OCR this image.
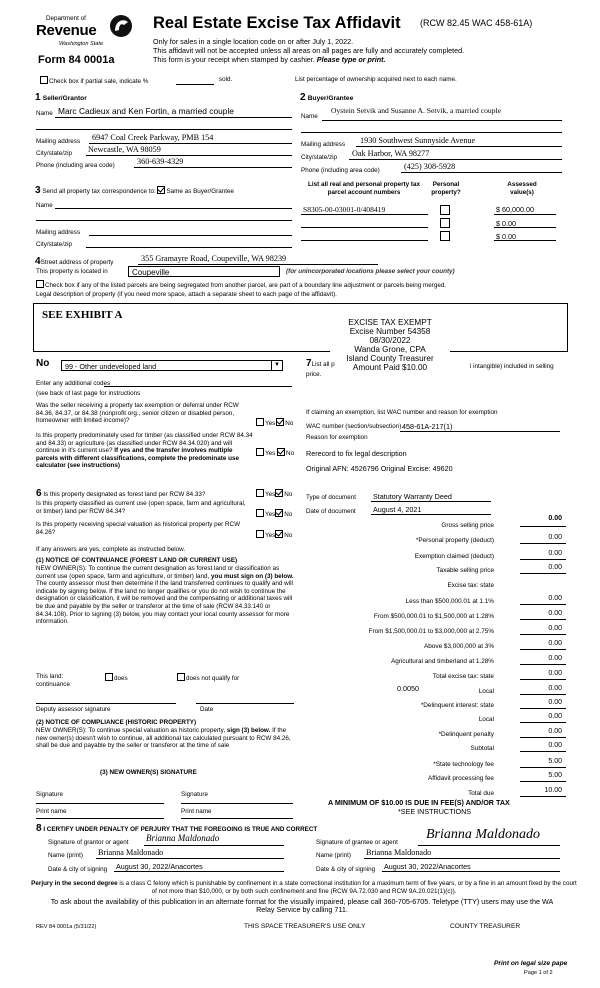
Department of
Revenue
Washington State
Form 84 0001a
Real Estate Excise Tax Affidavit (RCW 82.45 WAC 458-61A)
Only for sales in a single location code on or after July 1, 2022.
This affidavit will not be accepted unless all areas on all pages are fully and accurately completed.
This form is your receipt when stamped by cashier. Please type or print.
Check box if partial sale, indicate %	sold.	List percentage of ownership acquired next to each name.
1 Seller/Grantor
Name Marc Cadieux and Ken Fortin, a married couple
Mailing address 6947 Coal Creek Parkway, PMB 154
City/state/zip Newcastle, WA 98059
Phone (including area code)	360-639-4329
2 Buyer/Grantee
Name
Oystein Setvik and Susanne A. Setvik, a married couple
Mailing address 1930 Southwest Sunnyside Avenue
City/state/zip Oak Harbor, WA 98277
Phone (including area code)	(425) 308-5928
3 Send all property tax correspondence to: Same as Buyer/Grantee
Name
Mailing address
City/state/zip
List all real and personal property tax parcel account numbers
Personal property?
Assessed value(s)
S8305-00-03001-0/408419	$ 60,000.00
$ 0.00
$ 0.00
4Street address of property	355 Gramayre Road, Coupeville, WA 98239
This property is located in	Coupeville	(for unincorporated locations please select your county)
Check box if any of the listed parcels are being segregated from another parcel, are part of a boundary line adjustment or parcels being merged.
Legal description of property (if you need more space, attach a separate sheet to each page of the affidavit).
SEE EXHIBIT A
EXCISE TAX EXEMPT
Excise Number 54358
08/30/2022
Wanda Grone, CPA
Island County Treasurer
Amount Paid $10.00
No	99 - Other undeveloped land	▼
Enter any additional codes
(see back of last page for instructions
Was the seller receiving a property tax exemption or deferral under RCW 84.36, 84.37, or 84.38 (nonprofit org., senior citizen or disabled person, homeowner with limited income)?	Yes No
Is this property predominately used for timber (as classified under RCW 84.34 and 84.33) or agriculture (as classified under RCW 84.34.020) and will continue in it's current use? If yes and the transfer involves multiple parcels with different classifications, complete the predominate use calculator (see instructions)
Yes No
7List all p	l intangible) included in selling
price.
If claiming an exemption, list WAC number and reason for exemption
WAC number (section/subsection) 458-61A-217(1)
Reason for exemption
Rerecord to fix legal description
Original AFN: 4526796 Original Excise: 49620
6 Is this property designated as forest land per RCW 84.33?	Yes No
Is this property classified as current use (open space, farm and agricultural, or timber) land per RCW 84.34?	Yes No
Is this property receiving special valuation as historical property per RCW 84.26?	Yes No
If any answers are yes, complete as instructed below.
(1) NOTICE OF CONTINUANCE (FOREST LAND OR CURRENT USE)
NEW OWNER(S): To continue the current designation as forest land or classification as current use (open space, farm and agriculture, or timber) land, you must sign on (3) below. The county assessor must then determine if the land transferred continues to qualify and will indicate by signing below. If the land no longer qualifies or you do not wish to continue the designation or classification, it will be removed and the compensating or additional taxes will be due and payable by the seller or transferor at the time of sale (RCW 84.33.140 or 84.34.108). Prior to signing (3) below, you may contact your local county assessor for more information.
This land:
continuance
does	does not qualify for
Deputy assessor signature	Date
(2) NOTICE OF COMPLIANCE (HISTORIC PROPERTY)
NEW OWNER(S): To continue special valuation as historic property, sign (3) below. If the new owner(s) doesn't wish to continue, all additional tax calculated pursuant to RCW 84.26, shall be due and payable by the seller or transferor at the time of sale
(3) NEW OWNER(S) SIGNATURE
Signature	Signature
Print name	Print name
Type of document Statutory Warranty Deed
Date of document August 4, 2021
Gross selling price
0.00
*Personal property (deduct)	0.00
Exemption claimed (deduct)	0.00
Taxable selling price	0.00
Excise tax: state
Less than $500,000.01 at 1.1%	0.00
From $500,000.01 to $1,500,000 at 1.28%	0.00
From $1,500,000.01 to $3,000,000 at 2.75%	0.00
Above $3,000,000 at 3%	0.00
Agricultural and timberland at 1.28%	0.00
Total excise tax: state	0.00
Local	0.00
*Delinquent interest: state	0.00
Local	0.00
*Delinquent penalty	0.00
Subtotal	0.00
*State technology fee	5.00
Affidavit processing fee	5.00
Total due	10.00
0.0050
A MINIMUM OF $10.00 IS DUE IN FEE(S) AND/OR TAX
*SEE INSTRUCTIONS
8 I CERTIFY UNDER PENALTY OF PERJURY THAT THE FOREGOING IS TRUE AND CORRECT
Signature of grantor or agent Brianna Maldonado
Name (print) Brianna Maldonado
Date & city of signing August 30, 2022/Anacortes
Signature of grantee or agent
Brianna Maldonado
Name (print) Brianna Maldonado
Date & city of signing August 30, 2022/Anacortes
Perjury in the second degree is a class C felony which is punishable by confinement in a state correctional institution for a maximum term of five years, or by a fine in an amount fixed by the court of not more than $10,000, or by both such confinement and fine (RCW 9A.72.030 and RCW 9A.20.021(1)(c)).
To ask about the availability of this publication in an alternate format for the visually impaired, please call 360-705-6705. Teletype (TTY) users may use the WA Relay Service by calling 711.
REV 84 0001a (5/31/22)	THIS SPACE TREASURER'S USE ONLY	COUNTY TREASURER
Print on legal size pape
Page 1 of 2
